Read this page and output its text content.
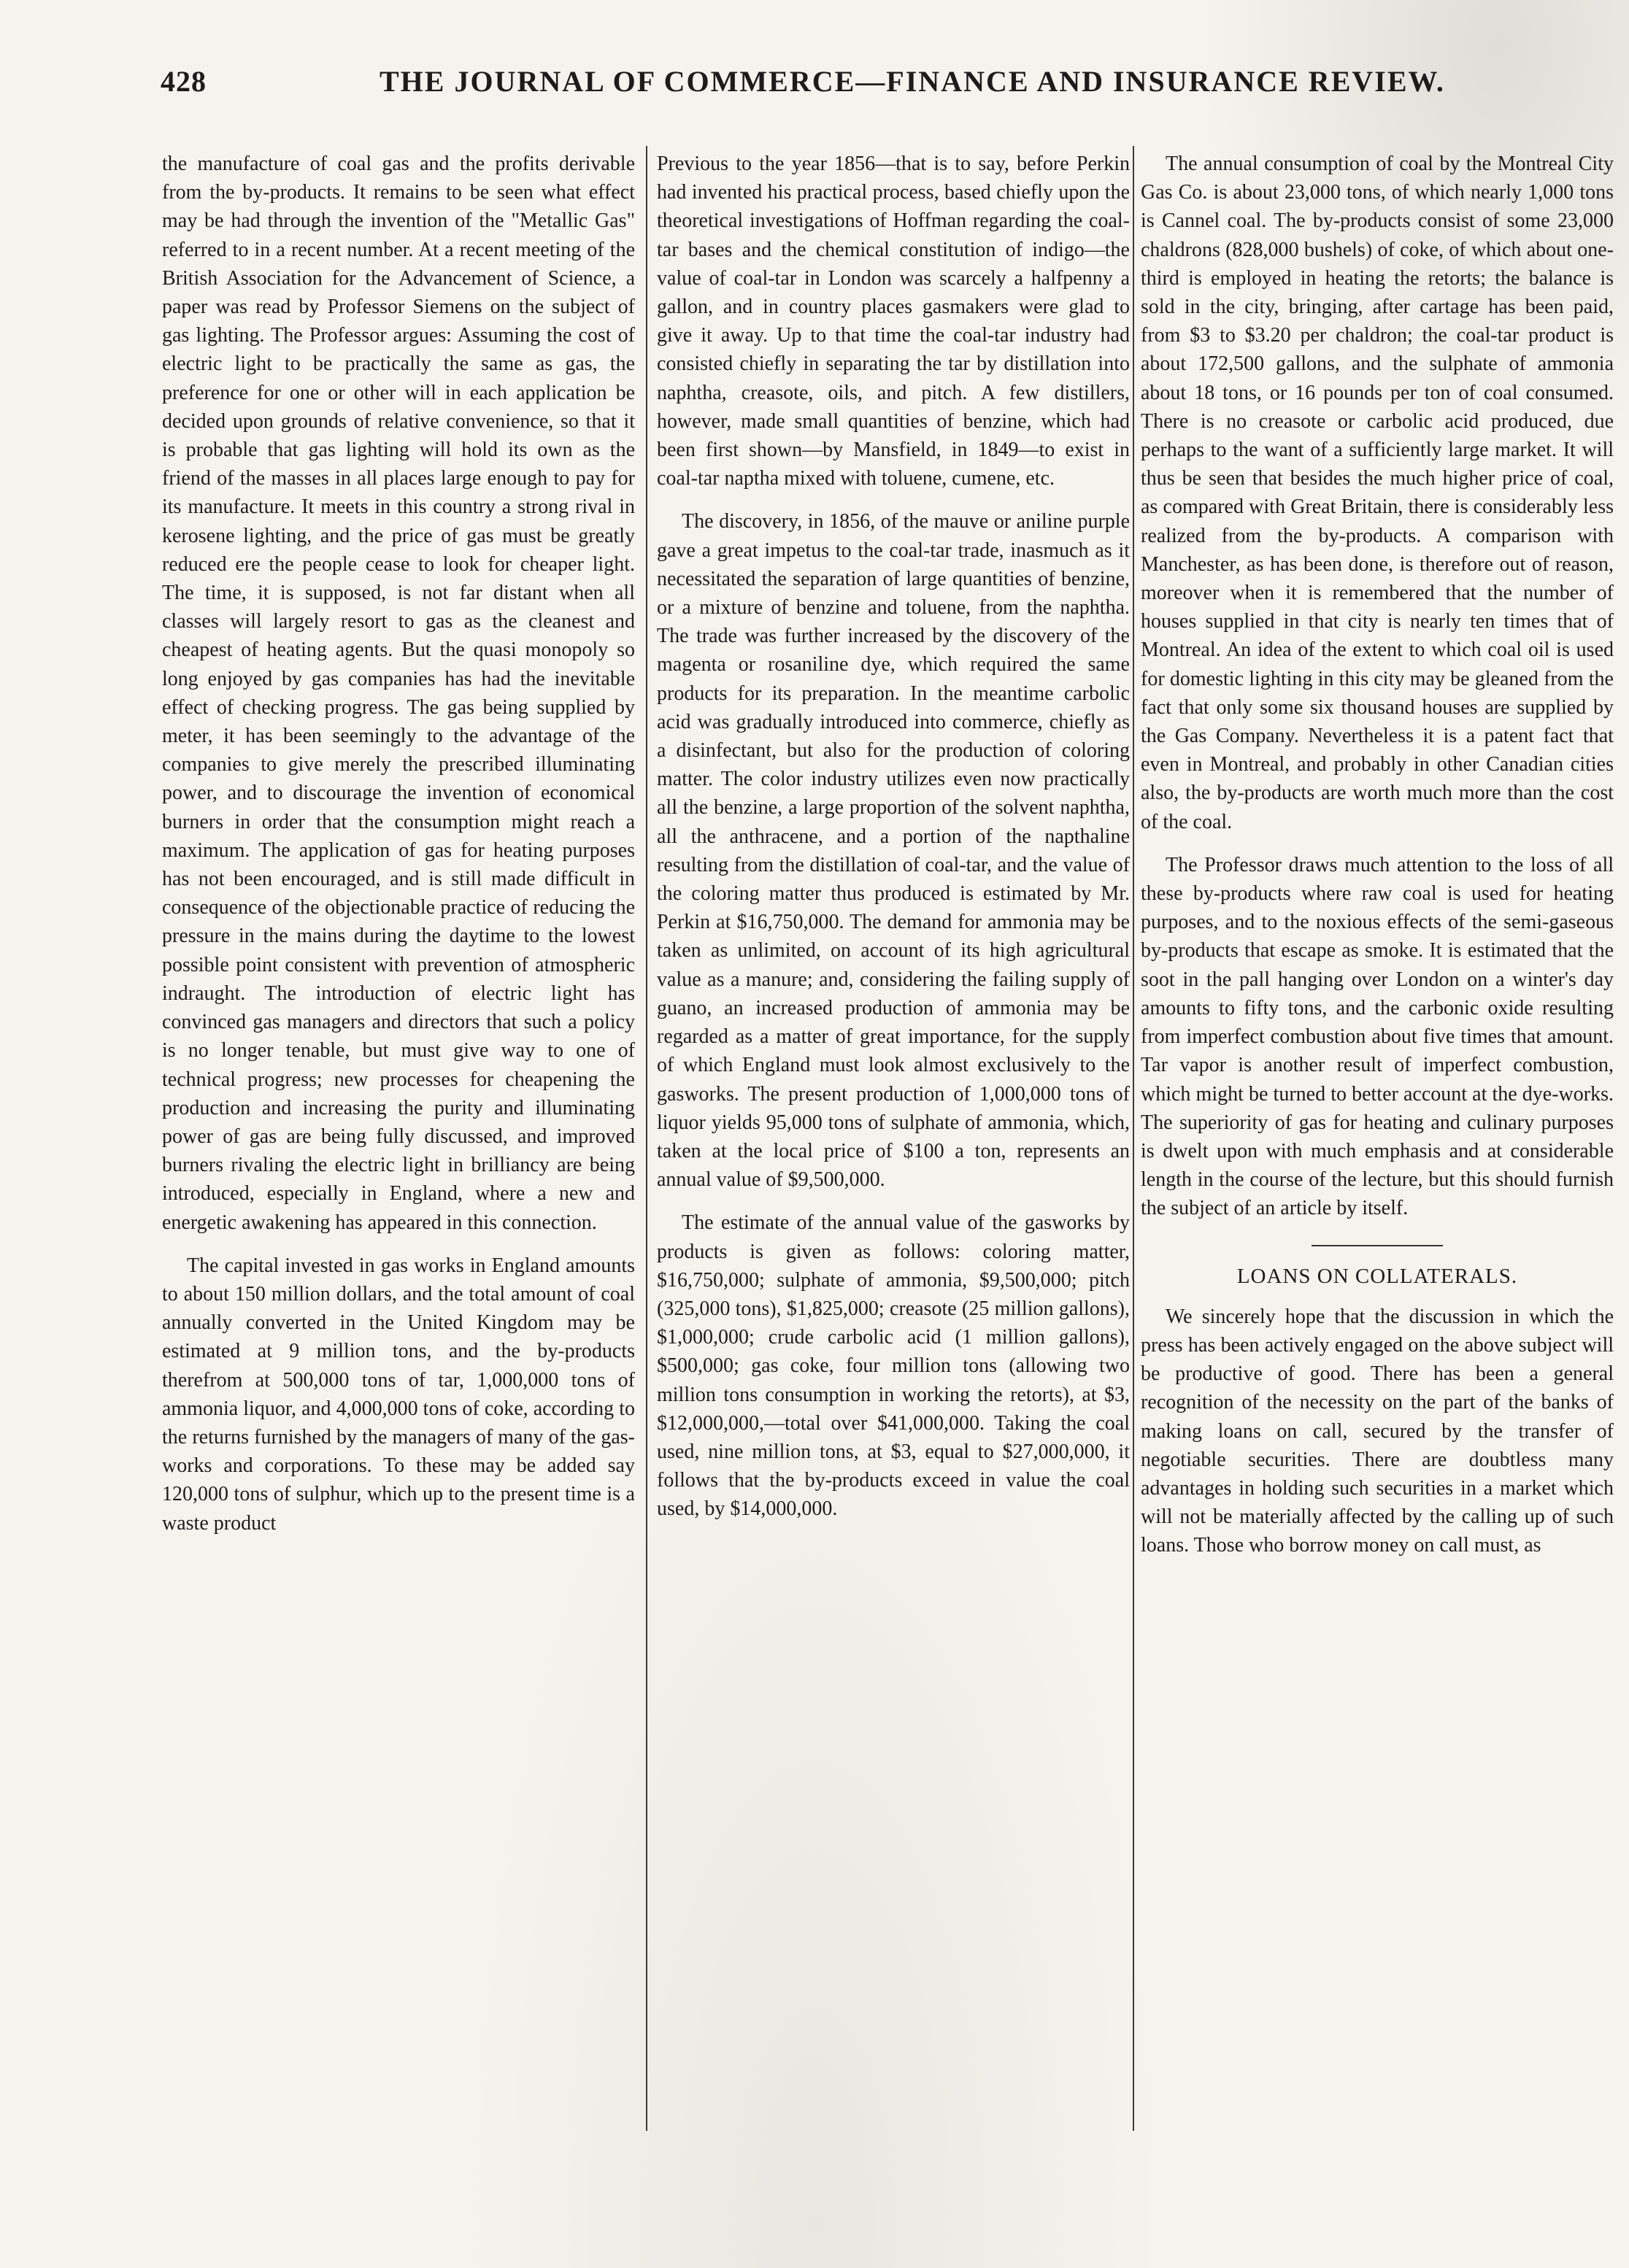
428	THE JOURNAL OF COMMERCE—FINANCE AND INSURANCE REVIEW.

the manufacture of coal gas and the profits derivable from the by-products. It remains to be seen what effect may be had through the invention of the "Metallic Gas" referred to in a recent number. At a recent meeting of the British Association for the Advancement of Science, a paper was read by Professor Siemens on the subject of gas lighting. The Professor argues: Assuming the cost of electric light to be practically the same as gas, the preference for one or other will in each application be decided upon grounds of relative convenience, so that it is probable that gas lighting will hold its own as the friend of the masses in all places large enough to pay for its manufacture. It meets in this country a strong rival in kerosene lighting, and the price of gas must be greatly reduced ere the people cease to look for cheaper light. The time, it is supposed, is not far distant when all classes will largely resort to gas as the cleanest and cheapest of heating agents. But the quasi monopoly so long enjoyed by gas companies has had the inevitable effect of checking progress. The gas being supplied by meter, it has been seemingly to the advantage of the companies to give merely the prescribed illuminating power, and to discourage the invention of economical burners in order that the consumption might reach a maximum. The application of gas for heating purposes has not been encouraged, and is still made difficult in consequence of the objectionable practice of reducing the pressure in the mains during the daytime to the lowest possible point consistent with prevention of atmospheric indraught. The introduction of electric light has convinced gas managers and directors that such a policy is no longer tenable, but must give way to one of technical progress; new processes for cheapening the production and increasing the purity and illuminating power of gas are being fully discussed, and improved burners rivaling the electric light in brilliancy are being introduced, especially in England, where a new and energetic awakening has appeared in this connection.

The capital invested in gas works in England amounts to about 150 million dollars, and the total amount of coal annually converted in the United Kingdom may be estimated at 9 million tons, and the by-products therefrom at 500,000 tons of tar, 1,000,000 tons of ammonia liquor, and 4,000,000 tons of coke, according to the returns furnished by the managers of many of the gas-works and corporations. To these may be added say 120,000 tons of sulphur, which up to the present time is a waste product

Previous to the year 1856—that is to say, before Perkin had invented his practical process, based chiefly upon the theoretical investigations of Hoffman regarding the coal-tar bases and the chemical constitution of indigo—the value of coal-tar in London was scarcely a halfpenny a gallon, and in country places gasmakers were glad to give it away. Up to that time the coal-tar industry had consisted chiefly in separating the tar by distillation into naphtha, creasote, oils, and pitch. A few distillers, however, made small quantities of benzine, which had been first shown—by Mansfield, in 1849—to exist in coal-tar naptha mixed with toluene, cumene, etc.

The discovery, in 1856, of the mauve or aniline purple gave a great impetus to the coal-tar trade, inasmuch as it necessitated the separation of large quantities of benzine, or a mixture of benzine and toluene, from the naphtha. The trade was further increased by the discovery of the magenta or rosaniline dye, which required the same products for its preparation. In the meantime carbolic acid was gradually introduced into commerce, chiefly as a disinfectant, but also for the production of coloring matter. The color industry utilizes even now practically all the benzine, a large proportion of the solvent naphtha, all the anthracene, and a portion of the napthaline resulting from the distillation of coal-tar, and the value of the coloring matter thus produced is estimated by Mr. Perkin at $16,750,000. The demand for ammonia may be taken as unlimited, on account of its high agricultural value as a manure; and, considering the failing supply of guano, an increased production of ammonia may be regarded as a matter of great importance, for the supply of which England must look almost exclusively to the gasworks. The present production of 1,000,000 tons of liquor yields 95,000 tons of sulphate of ammonia, which, taken at the local price of $100 a ton, represents an annual value of $9,500,000.

The estimate of the annual value of the gasworks by products is given as follows: coloring matter, $16,750,000; sulphate of ammonia, $9,500,000; pitch (325,000 tons), $1,825,000; creasote (25 million gallons), $1,000,000; crude carbolic acid (1 million gallons), $500,000; gas coke, four million tons (allowing two million tons consumption in working the retorts), at $3, $12,000,000,—total over $41,000,000. Taking the coal used, nine million tons, at $3, equal to $27,000,000, it follows that the by-products exceed in value the coal used, by $14,000,000.

The annual consumption of coal by the Montreal City Gas Co. is about 23,000 tons, of which nearly 1,000 tons is Cannel coal. The by-products consist of some 23,000 chaldrons (828,000 bushels) of coke, of which about one-third is employed in heating the retorts; the balance is sold in the city, bringing, after cartage has been paid, from $3 to $3.20 per chaldron; the coal-tar product is about 172,500 gallons, and the sulphate of ammonia about 18 tons, or 16 pounds per ton of coal consumed. There is no creasote or carbolic acid produced, due perhaps to the want of a sufficiently large market. It will thus be seen that besides the much higher price of coal, as compared with Great Britain, there is considerably less realized from the by-products. A comparison with Manchester, as has been done, is therefore out of reason, moreover when it is remembered that the number of houses supplied in that city is nearly ten times that of Montreal. An idea of the extent to which coal oil is used for domestic lighting in this city may be gleaned from the fact that only some six thousand houses are supplied by the Gas Company. Nevertheless it is a patent fact that even in Montreal, and probably in other Canadian cities also, the by-products are worth much more than the cost of the coal.

The Professor draws much attention to the loss of all these by-products where raw coal is used for heating purposes, and to the noxious effects of the semi-gaseous by-products that escape as smoke. It is estimated that the soot in the pall hanging over London on a winter's day amounts to fifty tons, and the carbonic oxide resulting from imperfect combustion about five times that amount. Tar vapor is another result of imperfect combustion, which might be turned to better account at the dye-works. The superiority of gas for heating and culinary purposes is dwelt upon with much emphasis and at considerable length in the course of the lecture, but this should furnish the subject of an article by itself.

LOANS ON COLLATERALS.

We sincerely hope that the discussion in which the press has been actively engaged on the above subject will be productive of good. There has been a general recognition of the necessity on the part of the banks of making loans on call, secured by the transfer of negotiable securities. There are doubtless many advantages in holding such securities in a market which will not be materially affected by the calling up of such loans. Those who borrow money on call must, as
